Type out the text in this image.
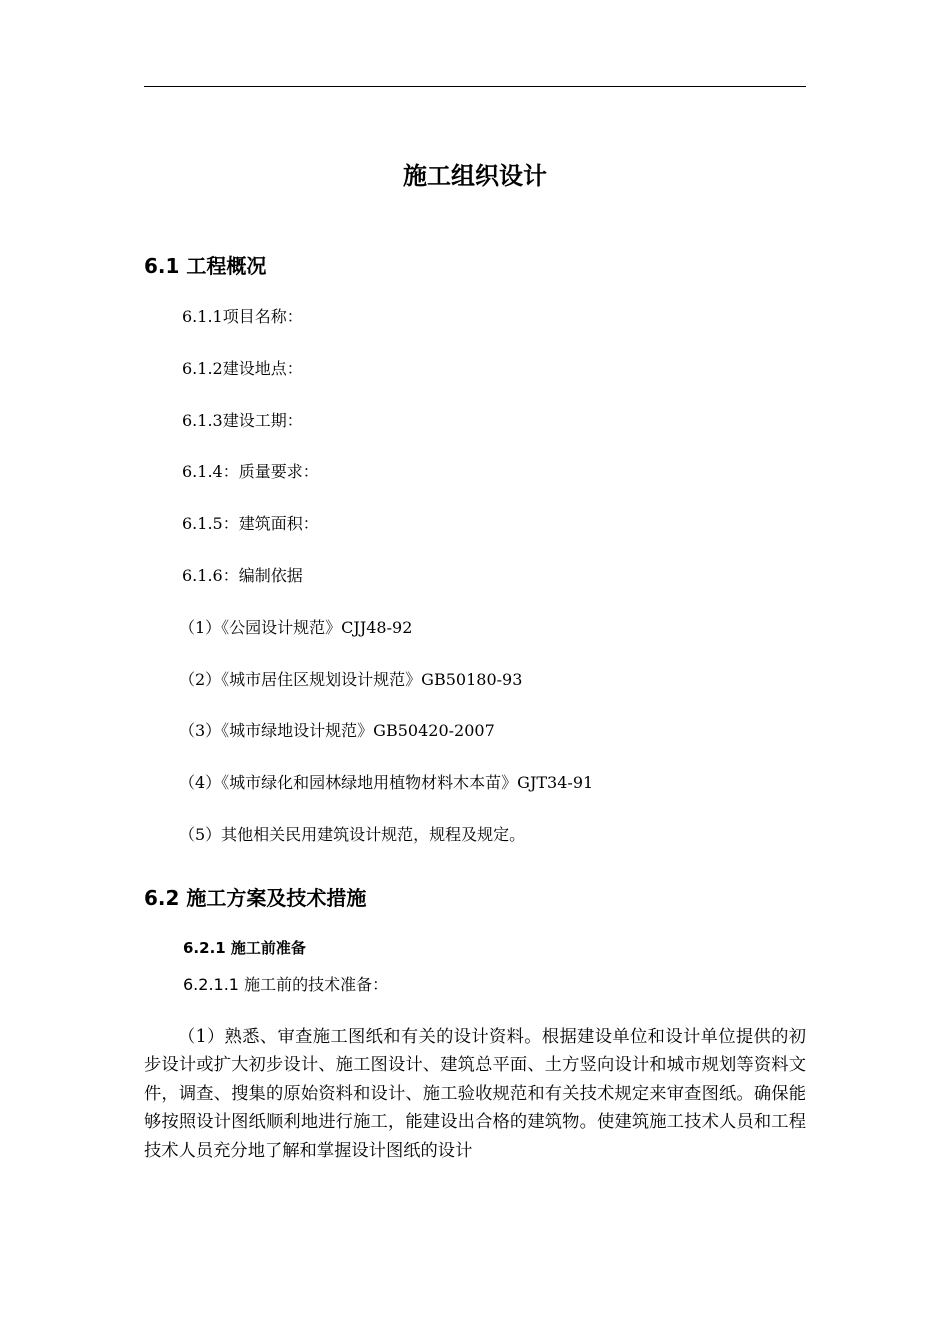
施工组织设计
6.1 工程概况
6.1.1项目名称：
6.1.2建设地点：
6.1.3建设工期：
6.1.4：质量要求：
6.1.5：建筑面积：
6.1.6：编制依据
（1）《公园设计规范》CJJ48-92
（2）《城市居住区规划设计规范》GB50180-93
（3）《城市绿地设计规范》GB50420-2007
（4）《城市绿化和园林绿地用植物材料木本苗》GJT34-91
（5）其他相关民用建筑设计规范，规程及规定。
6.2 施工方案及技术措施
6.2.1 施工前准备
6.2.1.1 施工前的技术准备：
（1）熟悉、审查施工图纸和有关的设计资料。根据建设单位和设计单位提供的初步设计或扩大初步设计、施工图设计、建筑总平面、土方竖向设计和城市规划等资料文件，调查、搜集的原始资料和设计、施工验收规范和有关技术规定来审查图纸。确保能够按照设计图纸顺利地进行施工，能建设出合格的建筑物。使建筑施工技术人员和工程技术人员充分地了解和掌握设计图纸的设计
